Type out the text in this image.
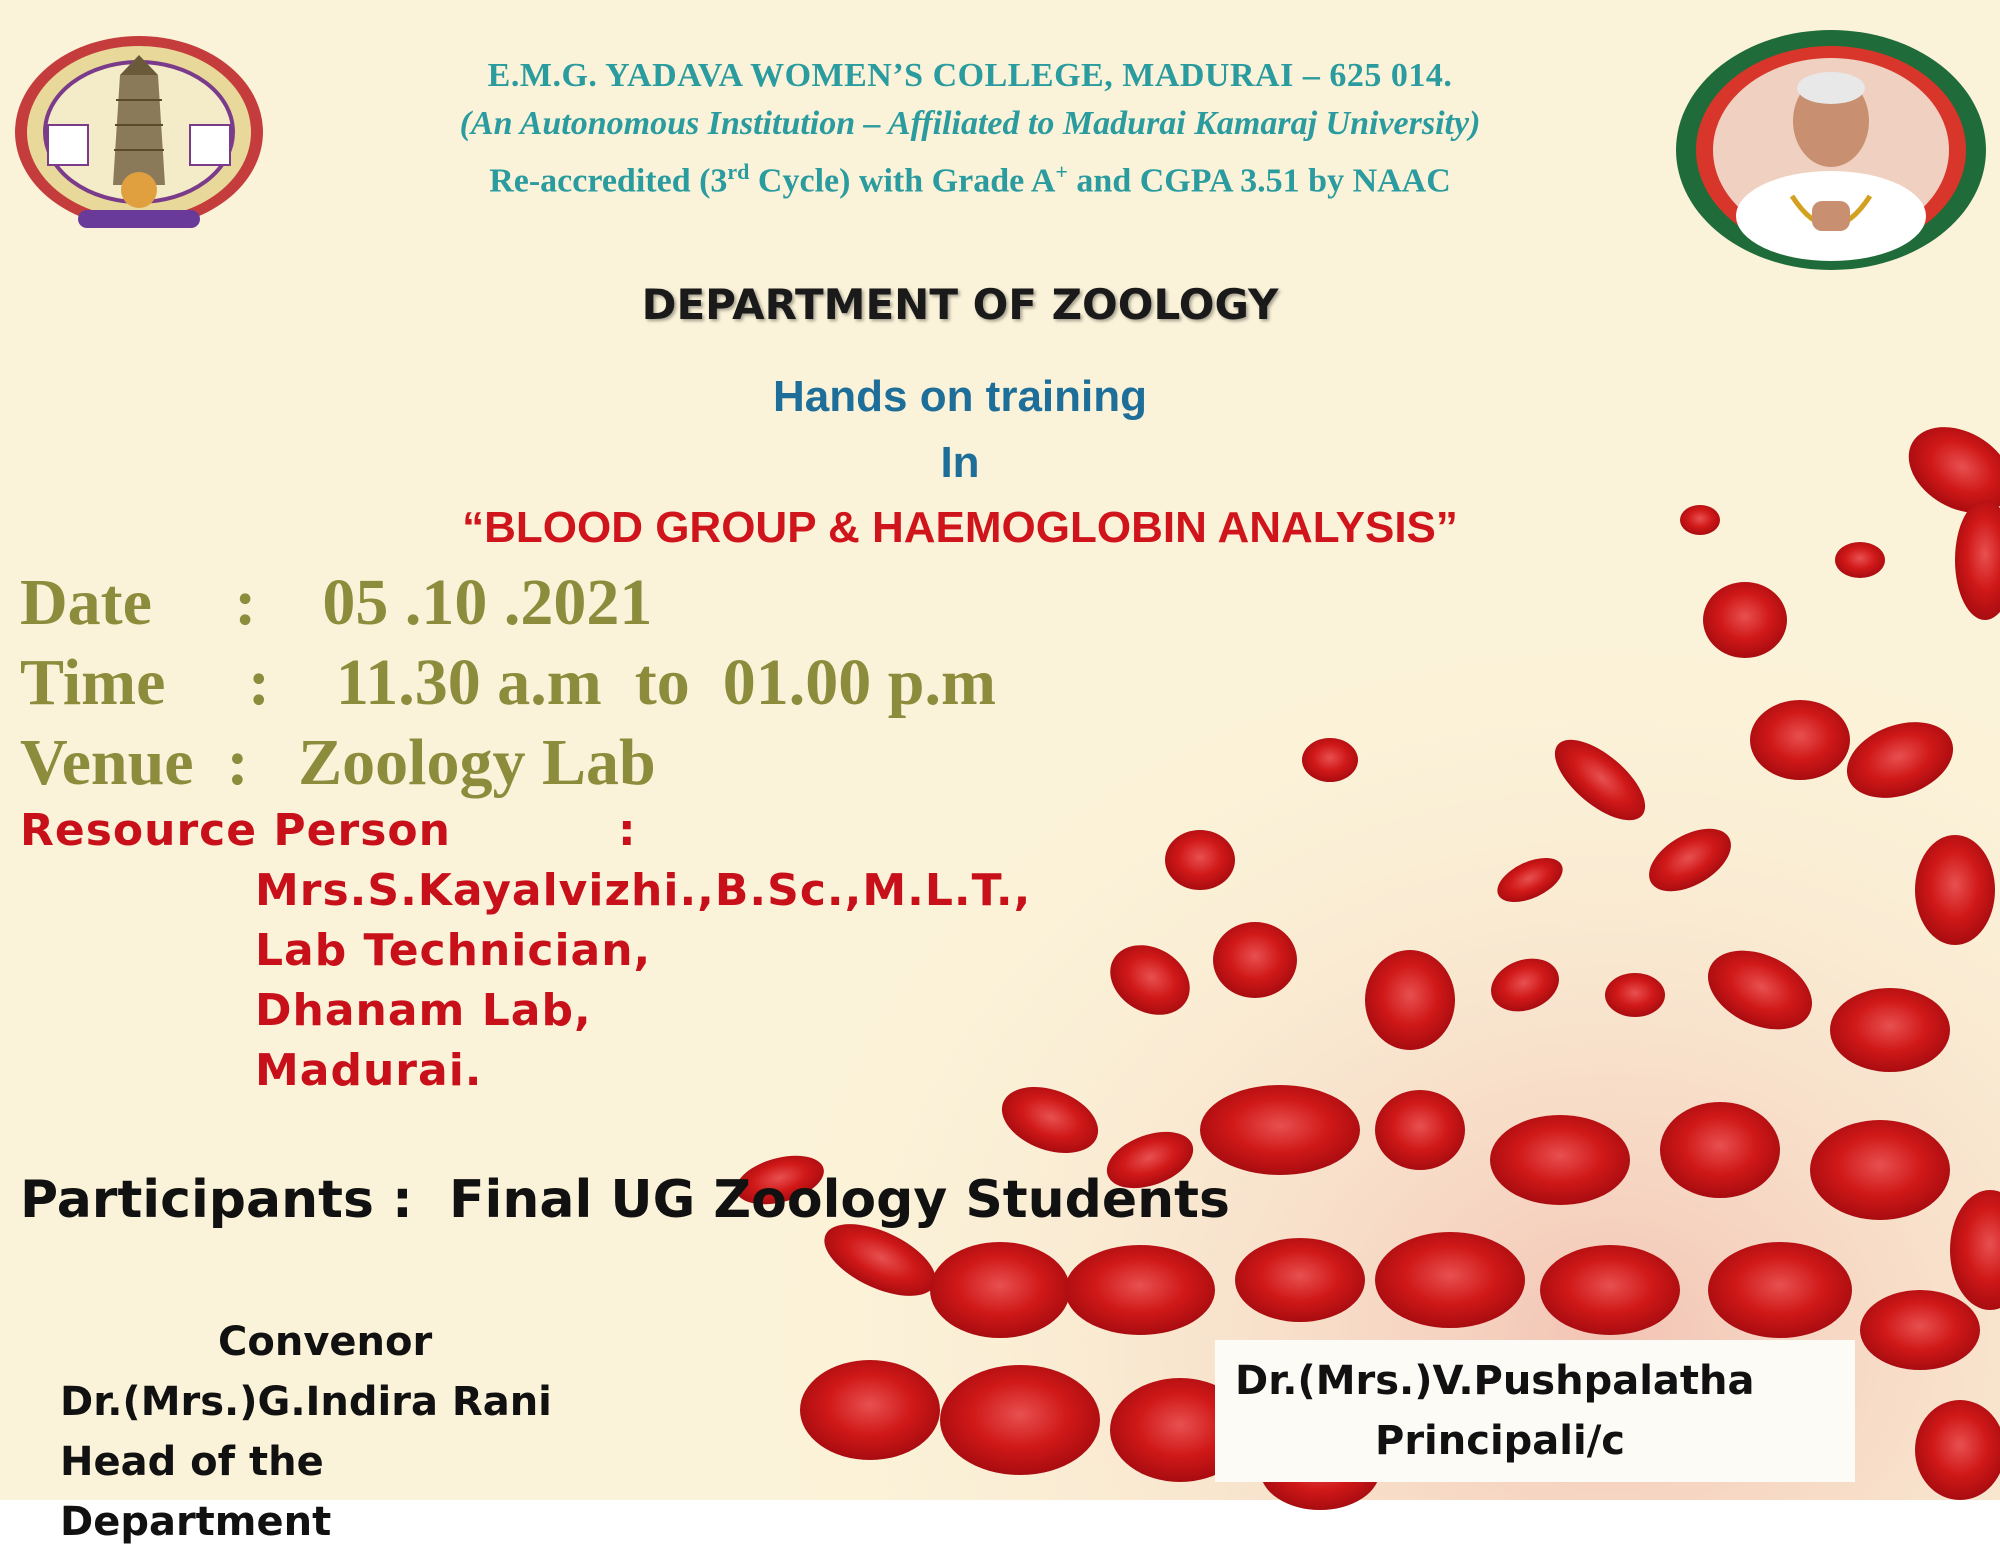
E.M.G. YADAVA WOMEN’S COLLEGE, MADURAI – 625 014.
(An Autonomous Institution – Affiliated to Madurai Kamaraj University)
Re-accredited (3rd Cycle) with Grade A+ and CGPA 3.51 by NAAC
DEPARTMENT OF ZOOLOGY
Hands on training
In
“BLOOD GROUP & HAEMOGLOBIN ANALYSIS”
Date     :    05 .10 .2021
Time     :    11.30 a.m  to  01.00 p.m
Venue  :   Zoology Lab
Resource Person	:
Mrs.S.Kayalvizhi.,B.Sc.,M.L.T.,
Lab Technician,
Dhanam Lab,
Madurai.
Participants :  Final UG Zoology Students
Convenor
Dr.(Mrs.)G.Indira Rani
Head of the Department
Dr.(Mrs.)V.Pushpalatha
Principali/c
